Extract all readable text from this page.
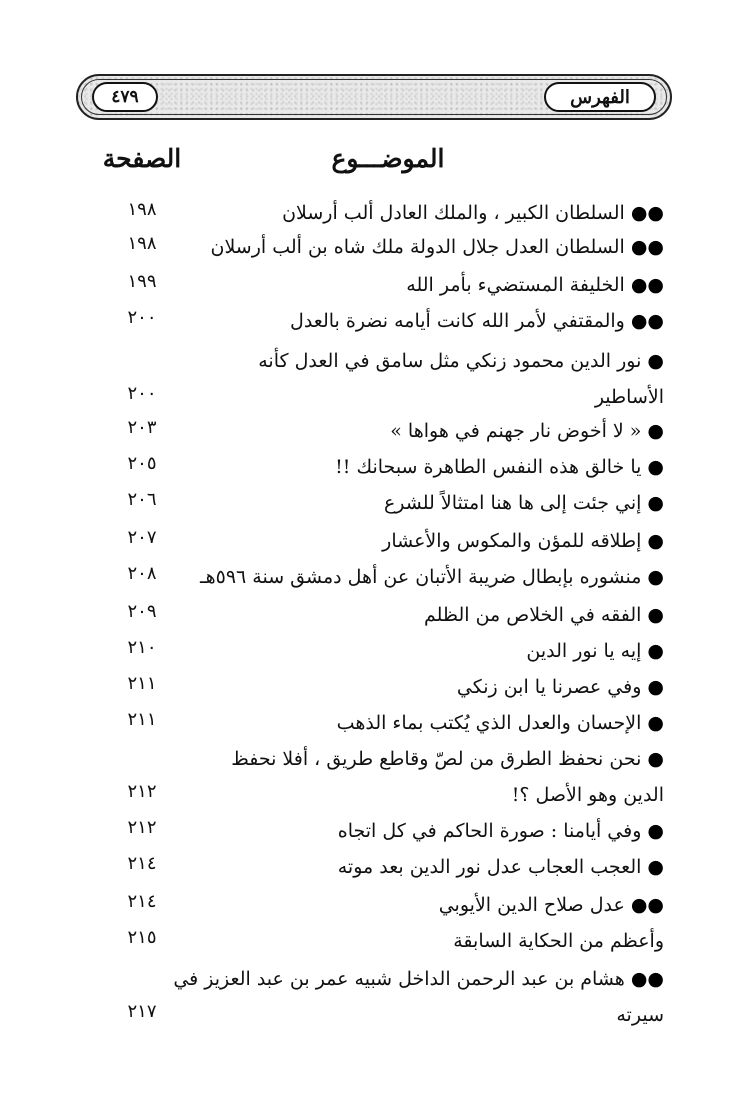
٤٧٩	الفهرس
الموضـــوع
الصفحة
●●السلطان الكبير ، والملك العادل ألب أرسلان
١٩٨
●●السلطان العدل جلال الدولة ملك شاه بن ألب أرسلان
١٩٨
●●الخليفة المستضيء بأمر الله
١٩٩
●●والمقتفي لأمر الله كانت أيامه نضرة بالعدل
٢٠٠
●نور الدين محمود زنكي مثل سامق في العدل كأنه
الأساطير
٢٠٠
●« لا أخوض نار جهنم في هواها »
٢٠٣
●يا خالق هذه النفس الطاهرة سبحانك !!
٢٠٥
●إني جئت إلى ها هنا امتثالاً للشرع
٢٠٦
●إطلاقه للمؤن والمكوس والأعشار
٢٠٧
●منشوره بإبطال ضريبة الأتبان عن أهل دمشق سنة ٥٩٦هـ
٢٠٨
●الفقه في الخلاص من الظلم
٢٠٩
●إيه يا نور الدين
٢١٠
●وفي عصرنا يا ابن زنكي
٢١١
●الإحسان والعدل الذي يُكتب بماء الذهب
٢١١
●نحن نحفظ الطرق من لصّ وقاطع طريق ، أفلا نحفظ
الدين وهو الأصل ؟!
٢١٢
●وفي أيامنا : صورة الحاكم في كل اتجاه
٢١٢
●العجب العجاب عدل نور الدين بعد موته
٢١٤
●●عدل صلاح الدين الأيوبي
٢١٤
وأعظم من الحكاية السابقة
٢١٥
●●هشام بن عبد الرحمن الداخل شبيه عمر بن عبد العزيز في
سيرته
٢١٧
